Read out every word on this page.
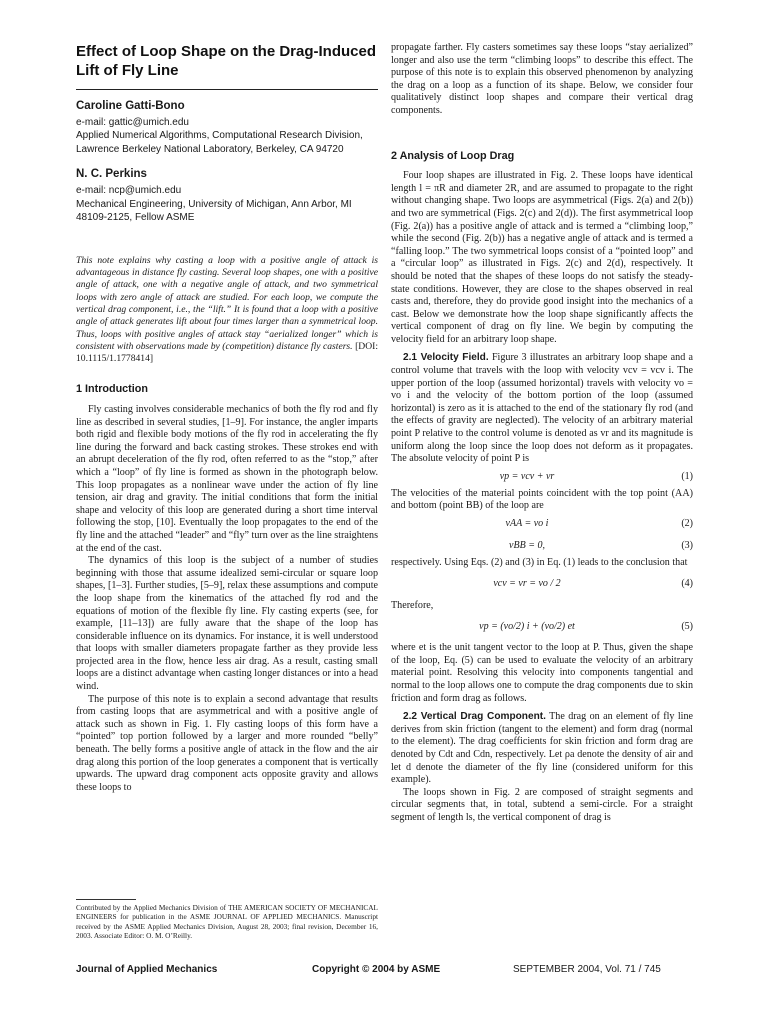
Effect of Loop Shape on the Drag-Induced Lift of Fly Line
Caroline Gatti-Bono
e-mail: gattic@umich.edu
Applied Numerical Algorithms, Computational Research Division, Lawrence Berkeley National Laboratory, Berkeley, CA 94720
N. C. Perkins
e-mail: ncp@umich.edu
Mechanical Engineering, University of Michigan, Ann Arbor, MI 48109-2125, Fellow ASME

This note explains why casting a loop with a positive angle of attack is advantageous in distance fly casting. Several loop shapes, one with a positive angle of attack, one with a negative angle of attack, and two symmetrical loops with zero angle of attack are studied. For each loop, we compute the vertical drag component, i.e., the “lift.” It is found that a loop with a positive angle of attack generates lift about four times larger than a symmetrical loop. Thus, loops with positive angles of attack stay “aerialized longer” which is consistent with observations made by (competition) distance fly casters. [DOI: 10.1115/1.1778414]

1 Introduction

Fly casting involves considerable mechanics of both the fly rod and fly line as described in several studies, [1–9]. For instance, the angler imparts both rigid and flexible body motions of the fly rod in accelerating the fly line during the forward and back casting strokes. These strokes end with an abrupt deceleration of the fly rod, often referred to as the “stop,” after which a “loop” of fly line is formed as shown in the photograph below. This loop propagates as a nonlinear wave under the action of fly line tension, air drag and gravity. The initial conditions that form the initial shape and velocity of this loop are generated during a short time interval following the stop, [10]. Eventually the loop propagates to the end of the fly line and the attached “leader” and “fly” turn over as the line straightens at the end of the cast.

The dynamics of this loop is the subject of a number of studies beginning with those that assume idealized semi-circular or square loop shapes, [1–3]. Further studies, [5–9], relax these assumptions and compute the loop shape from the kinematics of the attached fly rod and the equations of motion of the flexible fly line. Fly casting experts (see, for example, [11–13]) are fully aware that the shape of the loop has considerable influence on its dynamics. For instance, it is well understood that loops with smaller diameters propagate farther as they provide less projected area in the flow, hence less air drag. As a result, casting small loops are a distinct advantage when casting longer distances or into a head wind.

The purpose of this note is to explain a second advantage that results from casting loops that are asymmetrical and with a positive angle of attack such as shown in Fig. 1. Fly casting loops of this form have a “pointed” top portion followed by a larger and more rounded “belly” beneath. The belly forms a positive angle of attack in the flow and the air drag along this portion of the loop generates a component that is vertically upwards. The upward drag component acts opposite gravity and allows these loops to

Contributed by the Applied Mechanics Division of THE AMERICAN SOCIETY OF MECHANICAL ENGINEERS for publication in the ASME JOURNAL OF APPLIED MECHANICS. Manuscript received by the ASME Applied Mechanics Division, August 28, 2003; final revision, December 16, 2003. Associate Editor: O. M. O’Reilly.

propagate farther. Fly casters sometimes say these loops “stay aerialized” longer and also use the term “climbing loops” to describe this effect. The purpose of this note is to explain this observed phenomenon by analyzing the drag on a loop as a function of its shape. Below, we consider four qualitatively distinct loop shapes and compare their vertical drag components.

2 Analysis of Loop Drag

Four loop shapes are illustrated in Fig. 2. These loops have identical length l = πR and diameter 2R, and are assumed to propagate to the right without changing shape. Two loops are asymmetrical (Figs. 2(a) and 2(b)) and two are symmetrical (Figs. 2(c) and 2(d)). The first asymmetrical loop (Fig. 2(a)) has a positive angle of attack and is termed a “climbing loop,” while the second (Fig. 2(b)) has a negative angle of attack and is termed a “falling loop.” The two symmetrical loops consist of a “pointed loop” and a “circular loop” as illustrated in Figs. 2(c) and 2(d), respectively. It should be noted that the shapes of these loops do not satisfy the steady-state conditions. However, they are close to the shapes observed in real casts and, therefore, they do provide good insight into the mechanics of a cast. Below we demonstrate how the loop shape significantly affects the vertical component of drag on fly line. We begin by computing the velocity field for an arbitrary loop shape.

2.1 Velocity Field. Figure 3 illustrates an arbitrary loop shape and a control volume that travels with the loop with velocity vcv = vcv i. The upper portion of the loop (assumed horizontal) travels with velocity vo = vo i and the velocity of the bottom portion of the loop (assumed horizontal) is zero as it is attached to the end of the stationary fly rod (and the effects of gravity are neglected). The velocity of an arbitrary material point P relative to the control volume is denoted as vr and its magnitude is uniform along the loop since the loop does not deform as it propagates. The absolute velocity of point P is

vp = vcv + vr	(1)

The velocities of the material points coincident with the top point (AA) and bottom (point BB) of the loop are

vAA = vo i	(2)
vBB = 0,	(3)

respectively. Using Eqs. (2) and (3) in Eq. (1) leads to the conclusion that

vcv = vr = vo / 2	(4)

Therefore,

vp = (vo/2) i + (vo/2) et	(5)

where et is the unit tangent vector to the loop at P. Thus, given the shape of the loop, Eq. (5) can be used to evaluate the velocity of an arbitrary material point. Resolving this velocity into components tangential and normal to the loop allows one to compute the drag components due to skin friction and form drag as follows.

2.2 Vertical Drag Component. The drag on an element of fly line derives from skin friction (tangent to the element) and form drag (normal to the element). The drag coefficients for skin friction and form drag are denoted by Cdt and Cdn, respectively. Let ρa denote the density of air and let d denote the diameter of the fly line (considered uniform for this example).

The loops shown in Fig. 2 are composed of straight segments and circular segments that, in total, subtend a semi-circle. For a straight segment of length ls, the vertical component of drag is

Journal of Applied Mechanics	Copyright © 2004 by ASME	SEPTEMBER 2004, Vol. 71 / 745
